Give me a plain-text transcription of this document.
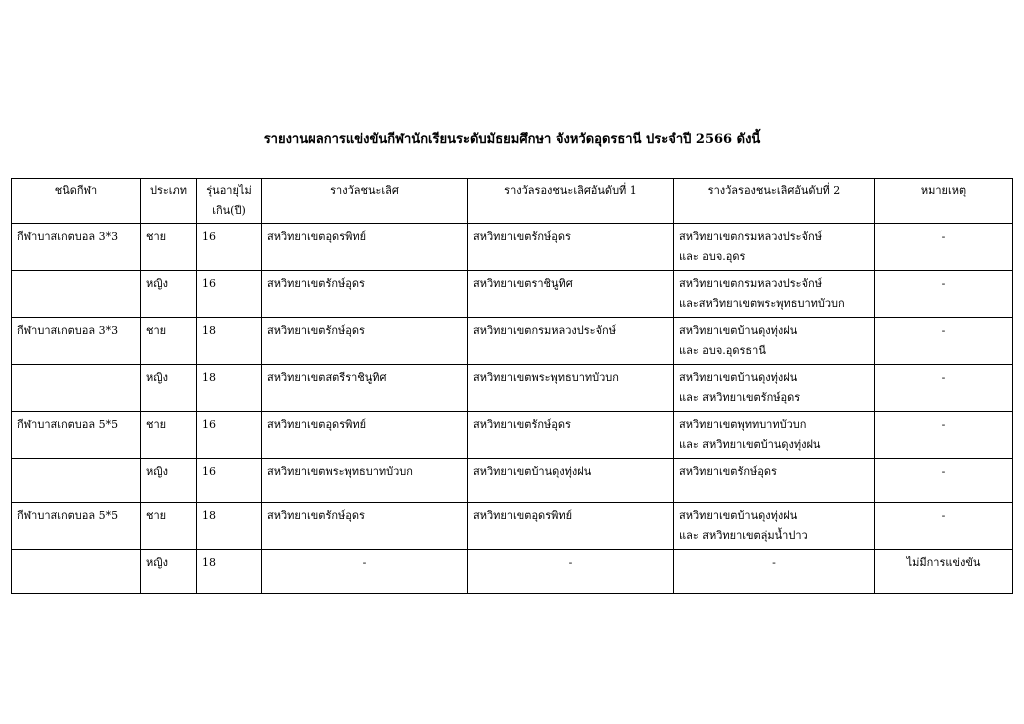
รายงานผลการแข่งขันกีฬานักเรียนระดับมัธยมศึกษา จังหวัดอุดรธานี ประจำปี 2566 ดังนี้
ชนิดกีฬา	ประเภท	รุ่นอายุไม่
เกิน(ปี)	รางวัลชนะเลิศ	รางวัลรองชนะเลิศอันดับที่ 1	รางวัลรองชนะเลิศอันดับที่ 2	หมายเหตุ
กีฬาบาสเกตบอล 3*3	ชาย	16	สหวิทยาเขตอุดรพิทย์	สหวิทยาเขตรักษ์อุดร	สหวิทยาเขตกรมหลวงประจักษ์
และ อบจ.อุดร	-
	หญิง	16	สหวิทยาเขตรักษ์อุดร	สหวิทยาเขตราชินูทิศ	สหวิทยาเขตกรมหลวงประจักษ์
และสหวิทยาเขตพระพุทธบาทบัวบก	-
กีฬาบาสเกตบอล 3*3	ชาย	18	สหวิทยาเขตรักษ์อุดร	สหวิทยาเขตกรมหลวงประจักษ์	สหวิทยาเขตบ้านดุงทุ่งฝน
และ อบจ.อุดรธานี	-
	หญิง	18	สหวิทยาเขตสตรีราชินูทิศ	สหวิทยาเขตพระพุทธบาทบัวบก	สหวิทยาเขตบ้านดุงทุ่งฝน
และ สหวิทยาเขตรักษ์อุดร	-
กีฬาบาสเกตบอล 5*5	ชาย	16	สหวิทยาเขตอุดรพิทย์	สหวิทยาเขตรักษ์อุดร	สหวิทยาเขตพุททบาทบัวบก
และ สหวิทยาเขตบ้านดุงทุ่งฝน	-
	หญิง	16	สหวิทยาเขตพระพุทธบาทบัวบก	สหวิทยาเขตบ้านดุงทุ่งฝน	สหวิทยาเขตรักษ์อุดร	-
กีฬาบาสเกตบอล 5*5	ชาย	18	สหวิทยาเขตรักษ์อุดร	สหวิทยาเขตอุดรพิทย์	สหวิทยาเขตบ้านดุงทุ่งฝน
และ สหวิทยาเขตลุ่มน้ำปาว	-
	หญิง	18	-	-	-	ไม่มีการแข่งขัน
